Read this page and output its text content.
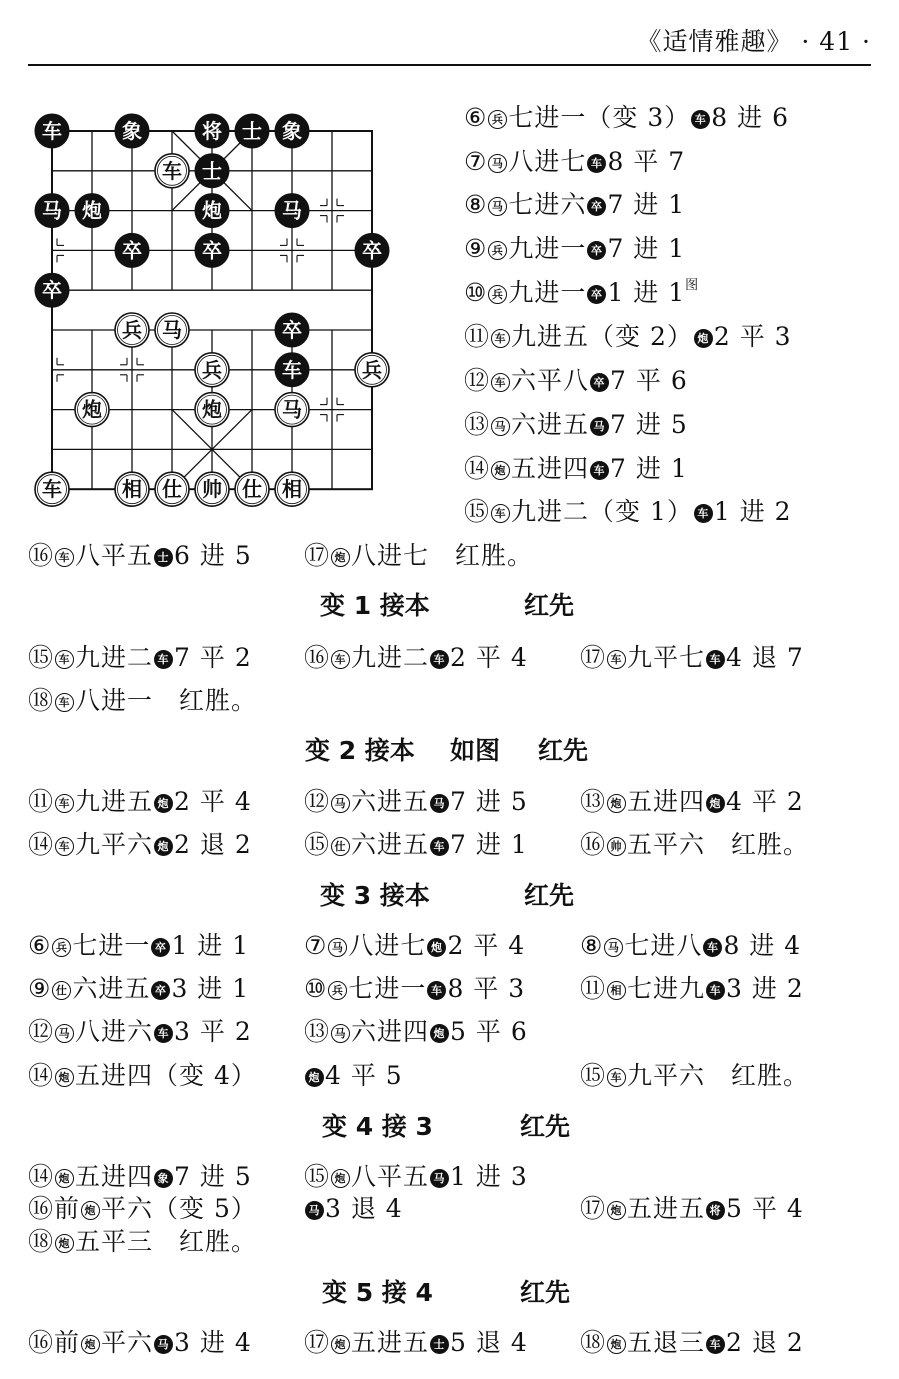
《适情雅趣》 · 41 ·
车	象	将 士 象
士
马 炮	炮	马
卒	卒	卒
卒
卒
车
车
兵 马
兵	兵
炮	炮	马
车	相 仕 帅 仕 相
⑥ 兵 七进一（变 3） 车 8 进 6
⑦ 马 八进七 车 8 平 7
⑧ 马 七进六 卒 7 进 1
⑨ 兵 九进一 卒 7 进 1
⑩ 兵 九进一 卒 1 进 $1^图$
⑪ 车 九进五（变 2） 炮 2 平 3
⑫ 车 六平八 卒 7 平 6
⑬ 马 六进五 马 7 进 5
⑭ 炮 五进四 车 7 进 1
⑮ 车 九进二（变 1） 车 1 进 2
⑯ 车 八平五 士 6 进 5 ⑰ 炮 八进七　红胜。
变 1 接本	红先
⑮ 车 九进二 车 7 平 2 ⑯ 车 九进二 车 2 平 4 ⑰ 车 九平七 车 4 退 7
⑱ 车 八进一　红胜。
变 2 接本 如图 红先
⑪ 车 九进五 炮 2 平 4 ⑫ 马 六进五 马 7 进 5 ⑬ 炮 五进四 炮 4 平 2
⑭ 车 九平六 炮 2 退 2 ⑮ 仕 六进五 车 7 进 1 ⑯ 帅 五平六　红胜。
变 3 接本	红先
⑥ 兵 七进一 卒 1 进 1 ⑦ 马 八进七 炮 2 平 4 ⑧ 马 七进八 车 8 进 4
⑨ 仕 六进五 卒 3 进 1 ⑩ 兵 七进一 车 8 平 3 ⑪ 相 七进九 车 3 进 2
⑫ 马 八进六 车 3 平 2 ⑬ 马 六进四 炮 5 平 6
⑭ 炮 五进四（变 4）	炮 4 平 5	⑮ 车 九平六　红胜。
变 4 接 3	红先
⑭ 炮 五进四 象 7 进 5 ⑮ 炮 八平五 马 1 进 3
⑯前 炮 平六（变 5）	马 3 退 4	⑰ 炮 五进五 将 5 平 4
⑱ 炮 五平三　红胜。
变 5 接 4	红先
⑯前 炮 平六 马 3 进 4 ⑰ 炮 五进五 士 5 退 4 ⑱ 炮 五退三 车 2 退 2
